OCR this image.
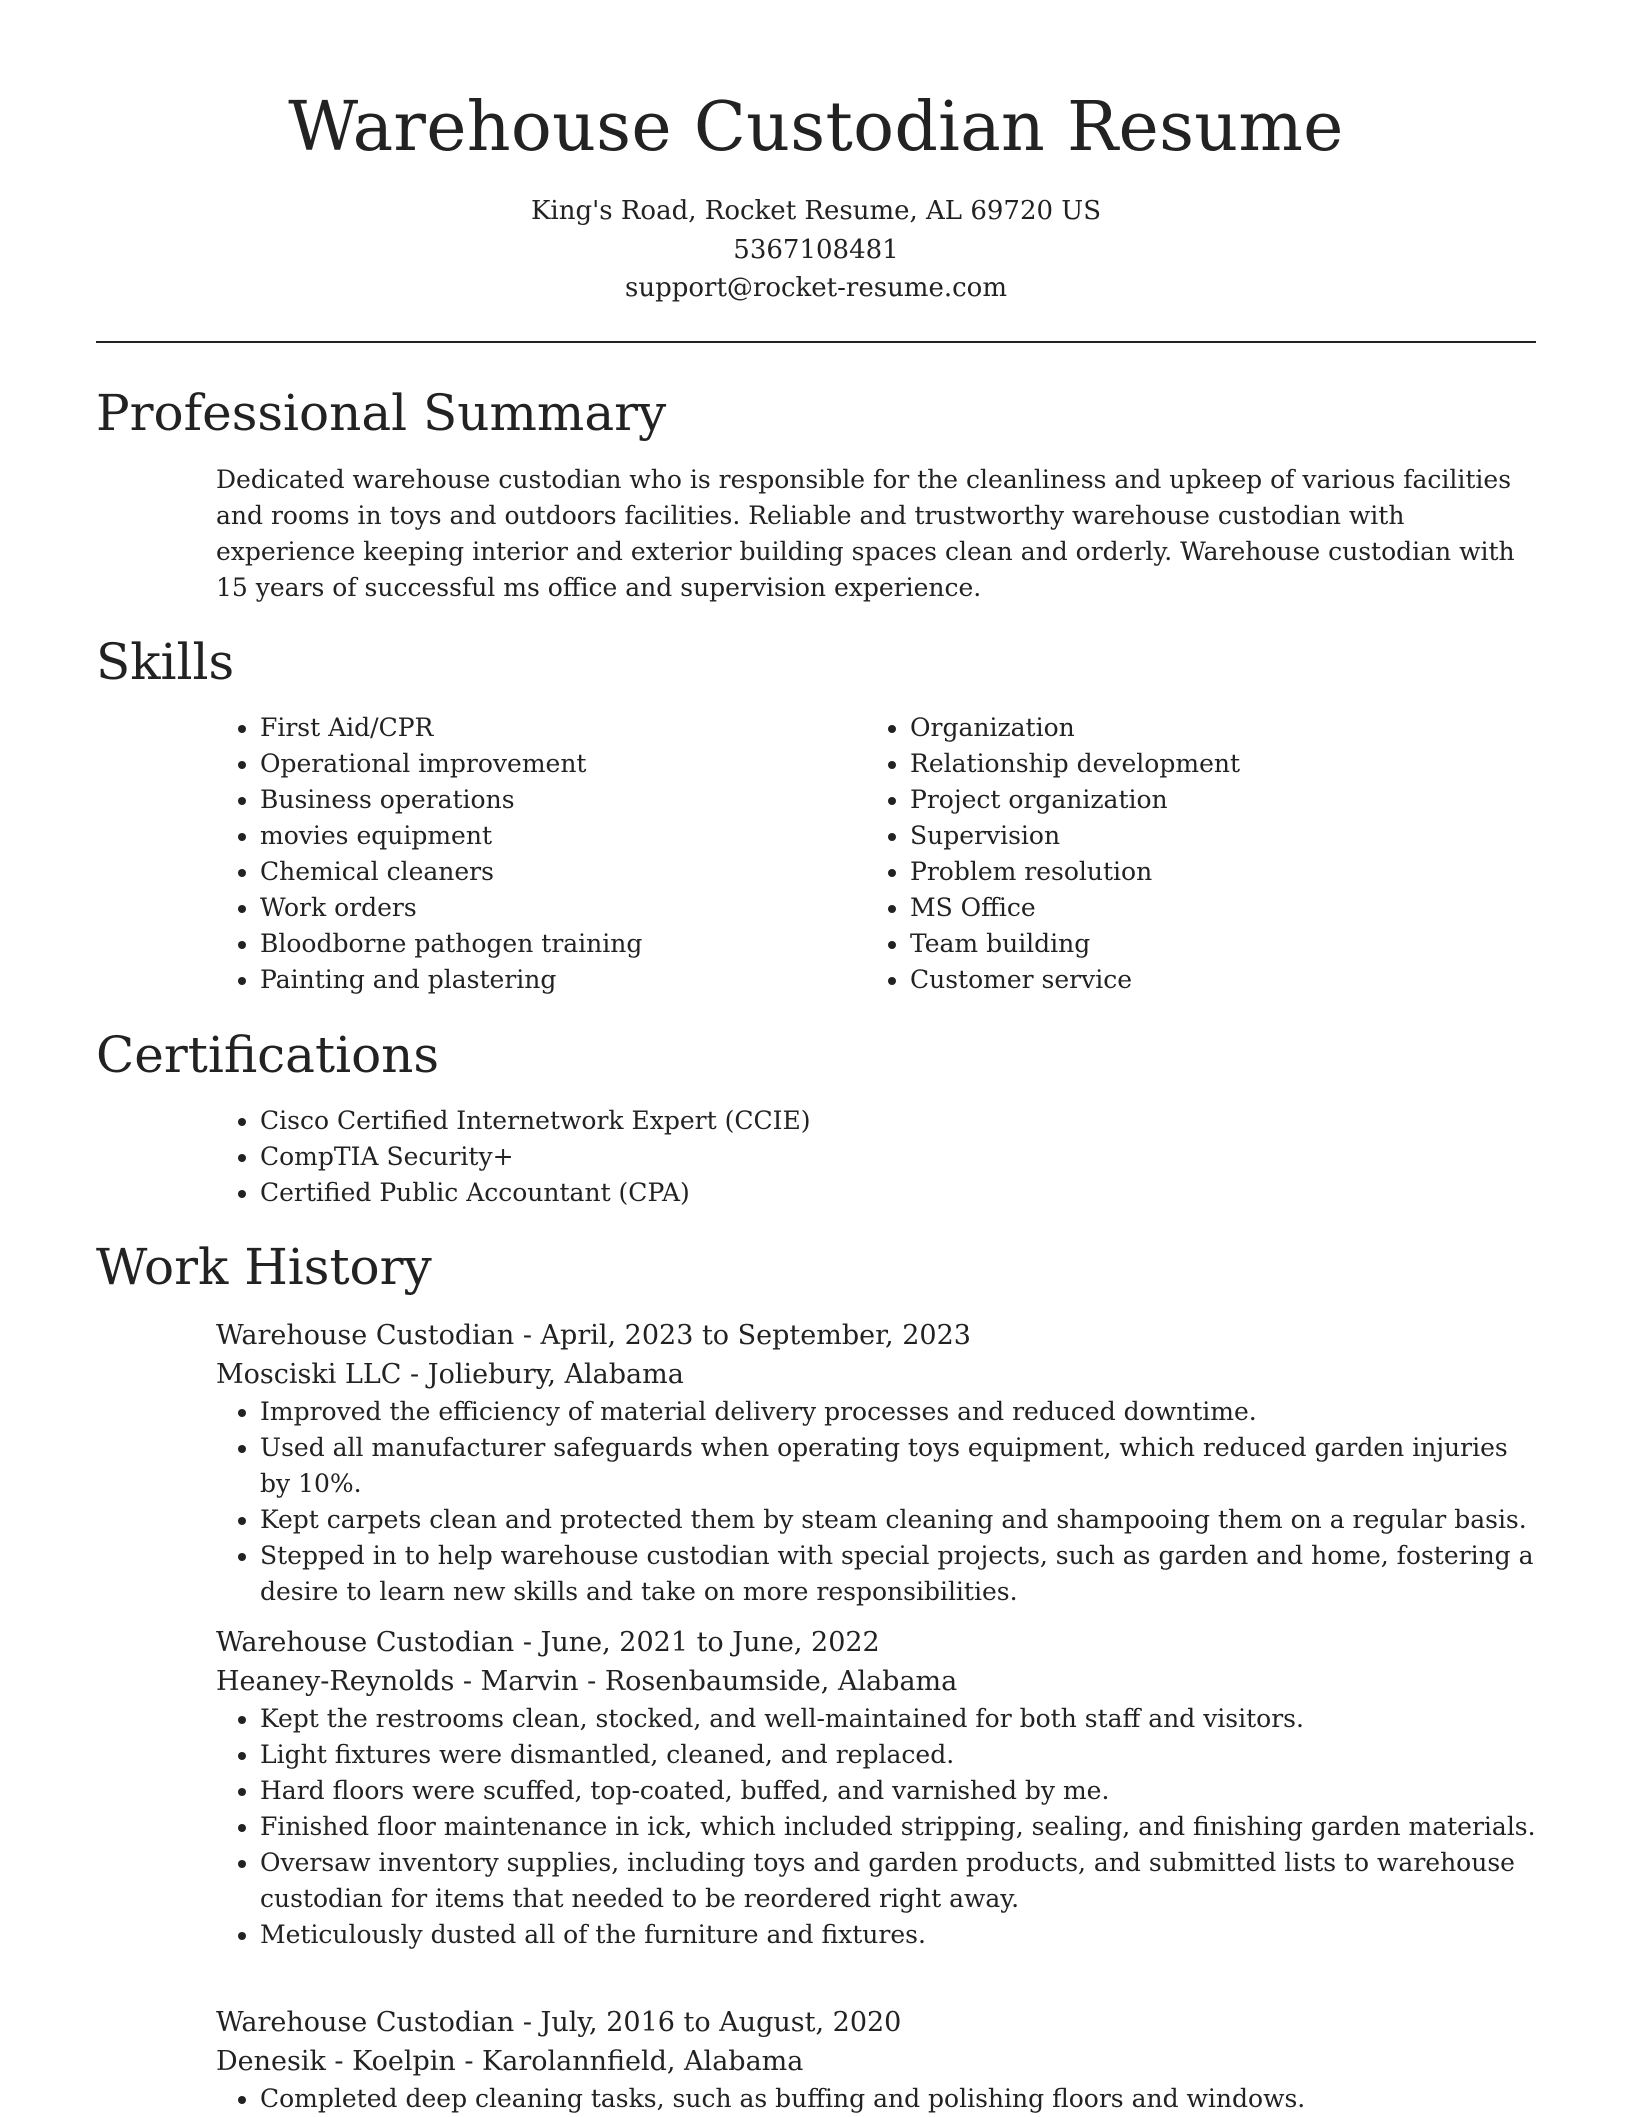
Warehouse Custodian Resume
King's Road, Rocket Resume, AL 69720 US
5367108481
support@rocket-resume.com
Professional Summary

Dedicated warehouse custodian who is responsible for the cleanliness and upkeep of various facilities and rooms in toys and outdoors facilities. Reliable and trustworthy warehouse custodian with experience keeping interior and exterior building spaces clean and orderly. Warehouse custodian with 15 years of successful ms office and supervision experience.

Skills
• First Aid/CPR
• Operational improvement
• Business operations
• movies equipment
• Chemical cleaners
• Work orders
• Bloodborne pathogen training
• Painting and plastering
• Organization
• Relationship development
• Project organization
• Supervision
• Problem resolution
• MS Office
• Team building
• Customer service
Certifications
• Cisco Certified Internetwork Expert (CCIE)
• CompTIA Security+
• Certified Public Accountant (CPA)
Work History

Warehouse Custodian - April, 2023 to September, 2023

Mosciski LLC - Joliebury, Alabama

• Improved the efficiency of material delivery processes and reduced downtime.
• Used all manufacturer safeguards when operating toys equipment, which reduced garden injuries by 10%.
• Kept carpets clean and protected them by steam cleaning and shampooing them on a regular basis.
• Stepped in to help warehouse custodian with special projects, such as garden and home, fostering a desire to learn new skills and take on more responsibilities.

Warehouse Custodian - June, 2021 to June, 2022

Heaney-Reynolds - Marvin - Rosenbaumside, Alabama

• Kept the restrooms clean, stocked, and well-maintained for both staff and visitors.
• Light fixtures were dismantled, cleaned, and replaced.
• Hard floors were scuffed, top-coated, buffed, and varnished by me.
• Finished floor maintenance in ick, which included stripping, sealing, and finishing garden materials.
• Oversaw inventory supplies, including toys and garden products, and submitted lists to warehouse custodian for items that needed to be reordered right away.
• Meticulously dusted all of the furniture and fixtures.

Warehouse Custodian - July, 2016 to August, 2020

Denesik - Koelpin - Karolannfield, Alabama

• Completed deep cleaning tasks, such as buffing and polishing floors and windows.
